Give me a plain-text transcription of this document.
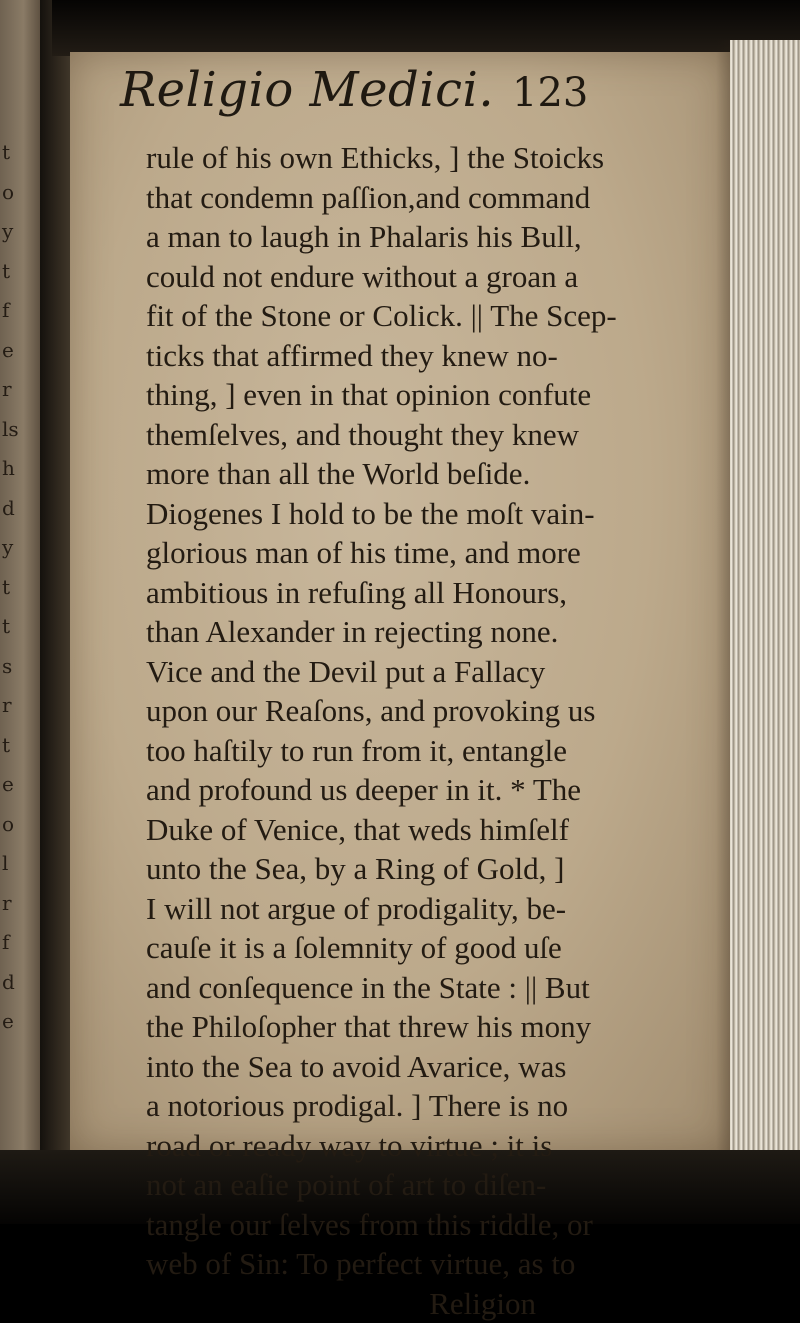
t
o
y
t
f
e
r
ls
h
d
y
t
t
s
r
t
e
o
l
r
f
d
e
Religio Medici. 123
rule of his own Ethicks, ] the Stoicks
that condemn paſſion,and command
a man to laugh in Phalaris his Bull,
could not endure without a groan a
fit of the Stone or Colick. || The Scep-
ticks that affirmed they knew no-
thing, ] even in that opinion confute
themſelves, and thought they knew
more than all the World beſide.
Diogenes I hold to be the moſt vain-
glorious man of his time, and more
ambitious in refuſing all Honours,
than Alexander in rejecting none.
Vice and the Devil put a Fallacy
upon our Reaſons, and provoking us
too haſtily to run from it, entangle
and profound us deeper in it. * The
Duke of Venice, that weds himſelf
unto the Sea, by a Ring of Gold, ]
I will not argue of prodigality, be-
cauſe it is a ſolemnity of good uſe
and conſequence in the State : || But
the Philoſopher that threw his mony
into the Sea to avoid Avarice, was
a notorious prodigal. ] There is no
road or ready way to virtue ; it is
not an eaſie point of art to diſen-
tangle our ſelves from this riddle, or
web of Sin: To perfect virtue, as to
Religion
